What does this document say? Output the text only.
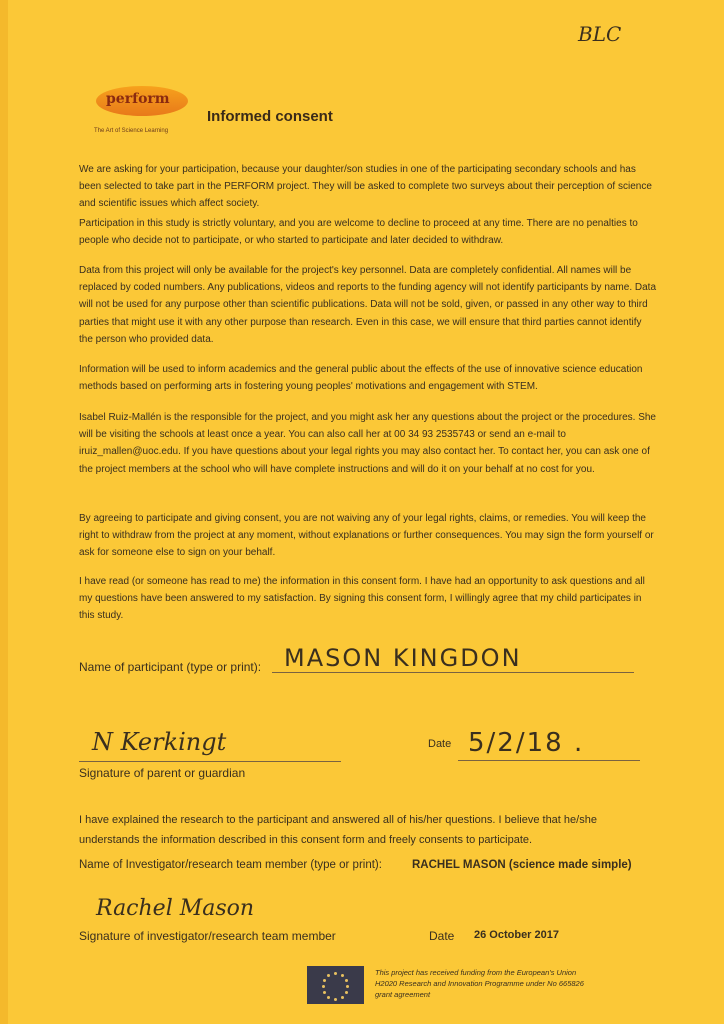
BLC
perform
The Art of Science Learning
Informed consent

We are asking for your participation, because your daughter/son studies in one of the participating secondary schools and has been selected to take part in the PERFORM project. They will be asked to complete two surveys about their perception of science and scientific issues which affect society.

Participation in this study is strictly voluntary, and you are welcome to decline to proceed at any time. There are no penalties to people who decide not to participate, or who started to participate and later decided to withdraw.

Data from this project will only be available for the project's key personnel. Data are completely confidential. All names will be replaced by coded numbers. Any publications, videos and reports to the funding agency will not identify participants by name. Data will not be used for any purpose other than scientific publications. Data will not be sold, given, or passed in any other way to third parties that might use it with any other purpose than research. Even in this case, we will ensure that third parties cannot identify the person who provided data.

Information will be used to inform academics and the general public about the effects of the use of innovative science education methods based on performing arts in fostering young peoples' motivations and engagement with STEM.

Isabel Ruiz-Mallén is the responsible for the project, and you might ask her any questions about the project or the procedures. She will be visiting the schools at least once a year. You can also call her at 00 34 93 2535743 or send an e-mail to iruiz_mallen@uoc.edu. If you have questions about your legal rights you may also contact her. To contact her, you can ask one of the project members at the school who will have complete instructions and will do it on your behalf at no cost for you.

By agreeing to participate and giving consent, you are not waiving any of your legal rights, claims, or remedies. You will keep the right to withdraw from the project at any moment, without explanations or further consequences. You may sign the form yourself or ask for someone else to sign on your behalf.

I have read (or someone has read to me) the information in this consent form. I have had an opportunity to ask questions and all my questions have been answered to my satisfaction. By signing this consent form, I willingly agree that my child participates in this study.

Name of participant (type or print): MASON KINGDON
N Kerkingt
Signature of parent or guardian
Date 5/2/18 .

I have explained the research to the participant and answered all of his/her questions. I believe that he/she understands the information described in this consent form and freely consents to participate.

Name of Investigator/research team member (type or print):	RACHEL MASON (science made simple)
Rachel Mason
Signature of investigator/research team member	Date 26 October 2017

This project has received funding from the European's Union H2020 Research and Innovation Programme under No 665826 grant agreement
